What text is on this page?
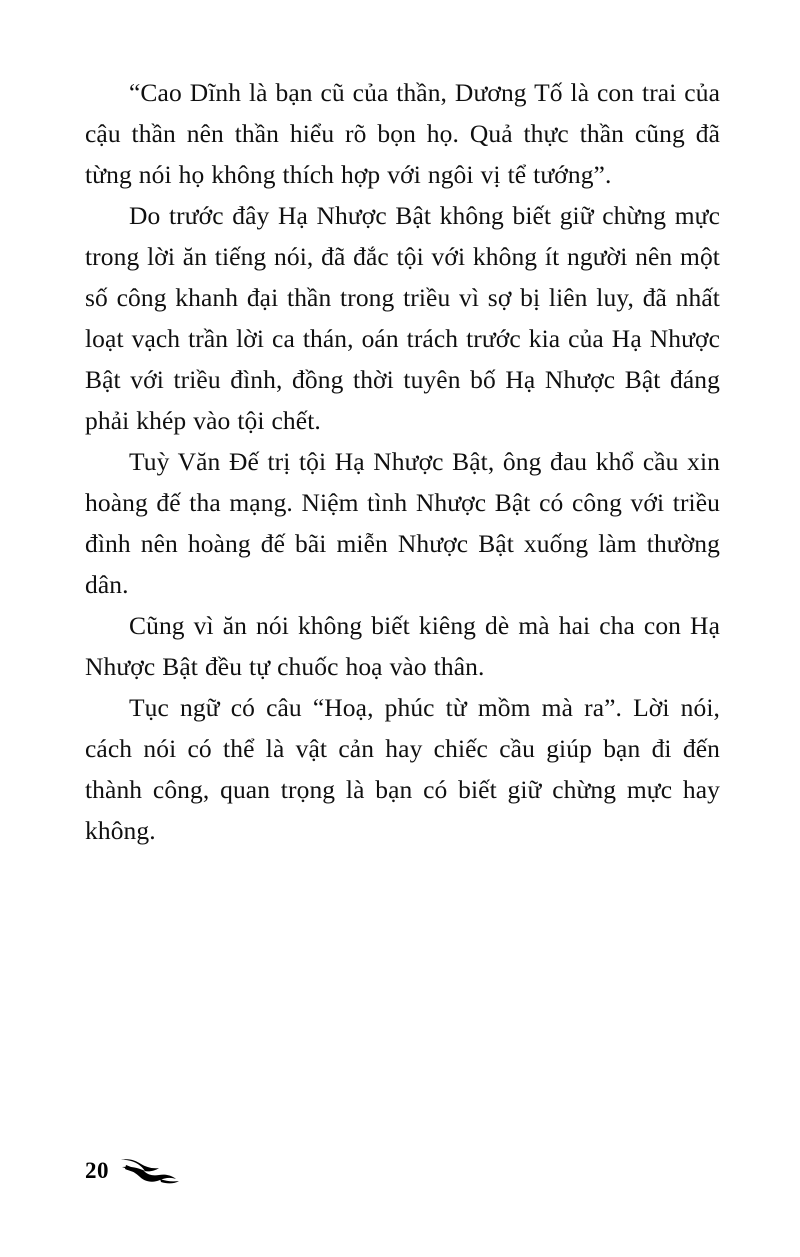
“Cao Dĩnh là bạn cũ của thần, Dương Tố là con trai của cậu thần nên thần hiểu rõ bọn họ. Quả thực thần cũng đã từng nói họ không thích hợp với ngôi vị tể tướng”.

Do trước đây Hạ Nhược Bật không biết giữ chừng mực trong lời ăn tiếng nói, đã đắc tội với không ít người nên một số công khanh đại thần trong triều vì sợ bị liên luy, đã nhất loạt vạch trần lời ca thán, oán trách trước kia của Hạ Nhược Bật với triều đình, đồng thời tuyên bố Hạ Nhược Bật đáng phải khép vào tội chết.

Tuỳ Văn Đế trị tội Hạ Nhược Bật, ông đau khổ cầu xin hoàng đế tha mạng. Niệm tình Nhược Bật có công với triều đình nên hoàng đế bãi miễn Nhược Bật xuống làm thường dân.

Cũng vì ăn nói không biết kiêng dè mà hai cha con Hạ Nhược Bật đều tự chuốc hoạ vào thân.

Tục ngữ có câu “Hoạ, phúc từ mồm mà ra”. Lời nói, cách nói có thể là vật cản hay chiếc cầu giúp bạn đi đến thành công, quan trọng là bạn có biết giữ chừng mực hay không.

20
